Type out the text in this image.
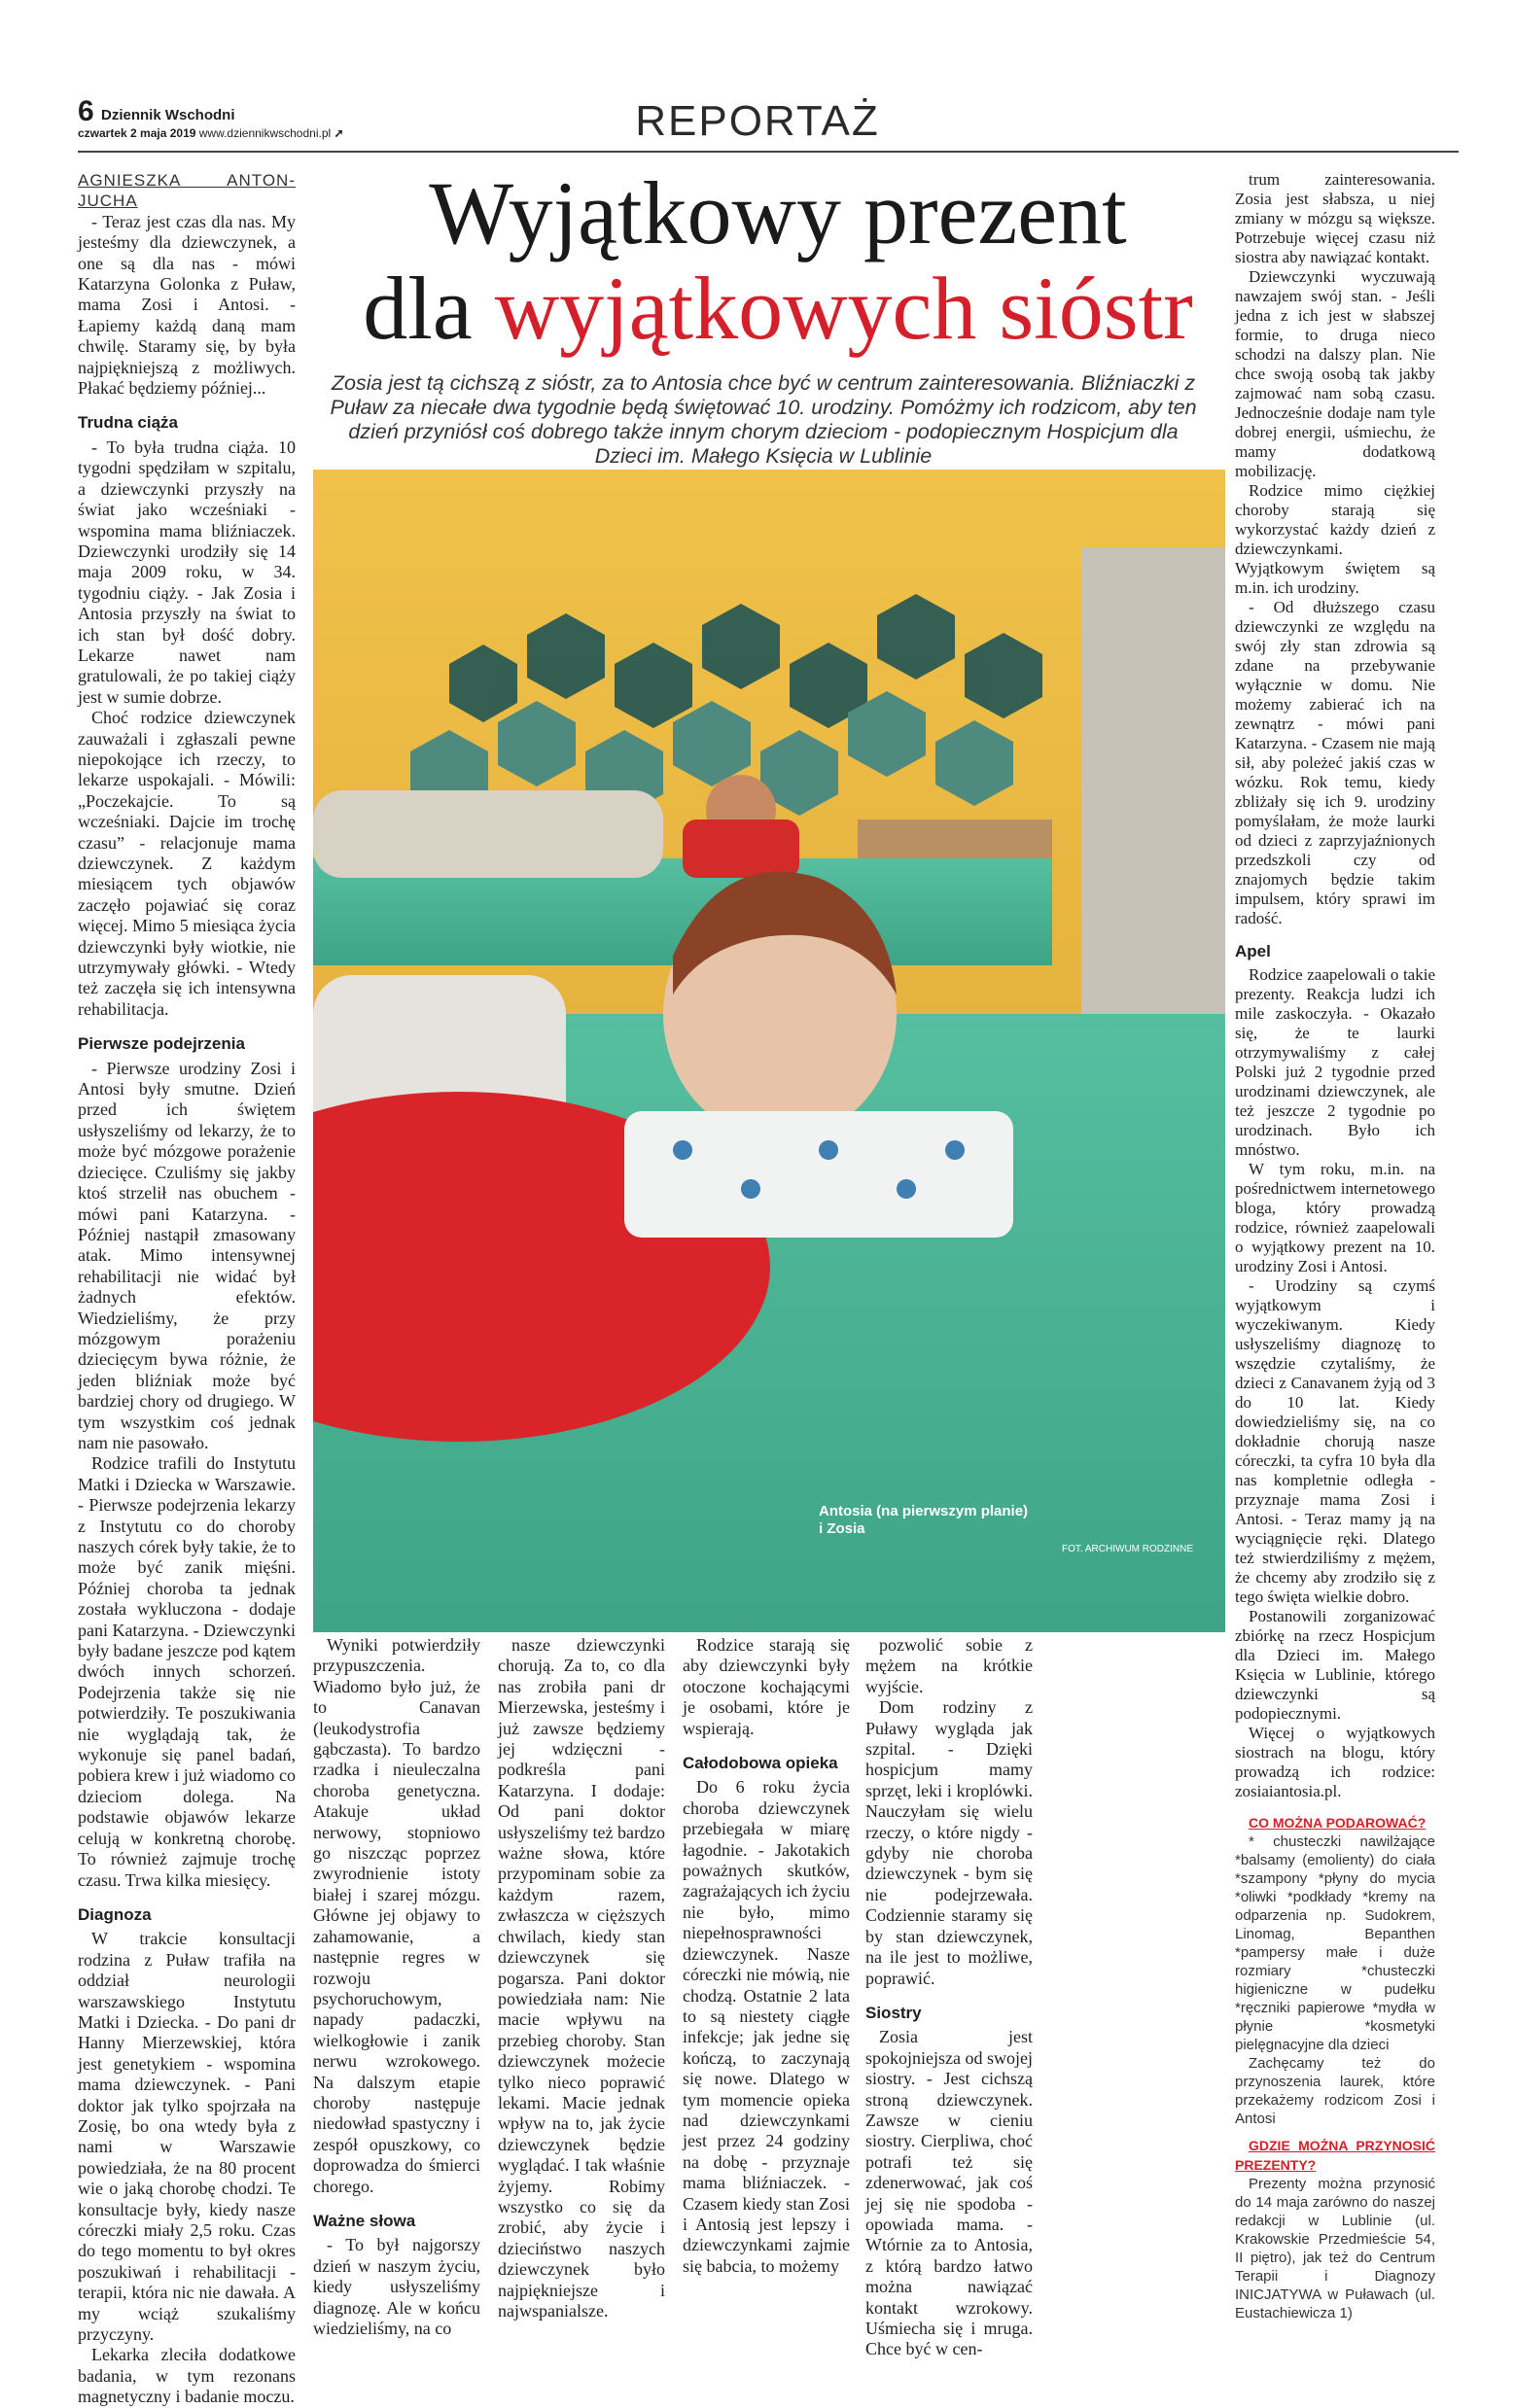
6 Dziennik Wschodni
czwartek 2 maja 2019 www.dziennikwschodni.pl ➚	REPORTAŻ
Wyjątkowy prezent
dla wyjątkowych sióstr
Zosia jest tą cichszą z sióstr, za to Antosia chce być w centrum zainteresowania. Bliźniaczki z Puław za niecałe dwa tygodnie będą świętować 10. urodziny. Pomóżmy ich rodzicom, aby ten dzień przyniósł coś dobrego także innym chorym dzieciom - podopiecznym Hospicjum dla Dzieci im. Małego Księcia w Lublinie

AGNIESZKA ANTON-JUCHA

- Teraz jest czas dla nas. My jesteśmy dla dziewczynek, a one są dla nas - mówi Katarzyna Golonka z Puław, mama Zosi i Antosi. - Łapiemy każdą daną mam chwilę. Staramy się, by była najpiękniejszą z możliwych. Płakać będziemy później...

Trudna ciąża

- To była trudna ciąża. 10 tygodni spędziłam w szpitalu, a dziewczynki przyszły na świat jako wcześniaki - wspomina mama bliźniaczek. Dziewczynki urodziły się 14 maja 2009 roku, w 34. tygodniu ciąży. - Jak Zosia i Antosia przyszły na świat to ich stan był dość dobry. Lekarze nawet nam gratulowali, że po takiej ciąży jest w sumie dobrze.

Choć rodzice dziewczynek zauważali i zgłaszali pewne niepokojące ich rzeczy, to lekarze uspokajali. - Mówili: „Poczekajcie. To są wcześniaki. Dajcie im trochę czasu” - relacjonuje mama dziewczynek. Z każdym miesiącem tych objawów zaczęło pojawiać się coraz więcej. Mimo 5 miesiąca życia dziewczynki były wiotkie, nie utrzymywały główki. - Wtedy też zaczęła się ich intensywna rehabilitacja.

Pierwsze podejrzenia

- Pierwsze urodziny Zosi i Antosi były smutne. Dzień przed ich świętem usłyszeliśmy od lekarzy, że to może być mózgowe porażenie dziecięce. Czuliśmy się jakby ktoś strzelił nas obuchem - mówi pani Katarzyna. - Później nastąpił zmasowany atak. Mimo intensywnej rehabilitacji nie widać był żadnych efektów. Wiedzieliśmy, że przy mózgowym porażeniu dziecięcym bywa różnie, że jeden bliźniak może być bardziej chory od drugiego. W tym wszystkim coś jednak nam nie pasowało.

Rodzice trafili do Instytutu Matki i Dziecka w Warszawie. - Pierwsze podejrzenia lekarzy z Instytutu co do choroby naszych córek były takie, że to może być zanik mięśni. Później choroba ta jednak została wykluczona - dodaje pani Katarzyna. - Dziewczynki były badane jeszcze pod kątem dwóch innych schorzeń. Podejrzenia także się nie potwierdziły. Te poszukiwania nie wyglądają tak, że wykonuje się panel badań, pobiera krew i już wiadomo co dzieciom dolega. Na podstawie objawów lekarze celują w konkretną chorobę. To również zajmuje trochę czasu. Trwa kilka miesięcy.

Diagnoza

W trakcie konsultacji rodzina z Puław trafiła na oddział neurologii warszawskiego Instytutu Matki i Dziecka. - Do pani dr Hanny Mierzewskiej, która jest genetykiem - wspomina mama dziewczynek. - Pani doktor jak tylko spojrzała na Zosię, bo ona wtedy była z nami w Warszawie powiedziała, że na 80 procent wie o jaką chorobę chodzi. Te konsultacje były, kiedy nasze córeczki miały 2,5 roku. Czas do tego momentu to był okres poszukiwań i rehabilitacji - terapii, która nic nie dawała. A my wciąż szukaliśmy przyczyny.

Lekarka zleciła dodatkowe badania, w tym rezonans magnetyczny i badanie moczu.

Antosia (na pierwszym planie)
i Zosia
FOT. ARCHIWUM RODZINNE

Wyniki potwierdziły przypuszczenia. Wiadomo było już, że to Canavan (leukodystrofia gąbczasta). To bardzo rzadka i nieuleczalna choroba genetyczna. Atakuje układ nerwowy, stopniowo go niszcząc poprzez zwyrodnienie istoty białej i szarej mózgu. Główne jej objawy to zahamowanie, a następnie regres w rozwoju psychoruchowym, napady padaczki, wielkogłowie i zanik nerwu wzrokowego. Na dalszym etapie choroby następuje niedowład spastyczny i zespół opuszkowy, co doprowadza do śmierci chorego.

Ważne słowa

- To był najgorszy dzień w naszym życiu, kiedy usłyszeliśmy diagnozę. Ale w końcu wiedzieliśmy, na co

nasze dziewczynki chorują. Za to, co dla nas zrobiła pani dr Mierzewska, jesteśmy i już zawsze będziemy jej wdzięczni - podkreśla pani Katarzyna. I dodaje: Od pani doktor usłyszeliśmy też bardzo ważne słowa, które przypominam sobie za każdym razem, zwłaszcza w cięższych chwilach, kiedy stan dziewczynek się pogarsza. Pani doktor powiedziała nam: Nie macie wpływu na przebieg choroby. Stan dziewczynek możecie tylko nieco poprawić lekami. Macie jednak wpływ na to, jak życie dziewczynek będzie wyglądać. I tak właśnie żyjemy. Robimy wszystko co się da zrobić, aby życie i dzieciństwo naszych dziewczynek było najpiękniejsze i najwspanialsze.

Rodzice starają się aby dziewczynki były otoczone kochającymi je osobami, które je wspierają.

Całodobowa opieka

Do 6 roku życia choroba dziewczynek przebiegała w miarę łagodnie. - Jakotakich poważnych skutków, zagrażających ich życiu nie było, mimo niepełnosprawności dziewczynek. Nasze córeczki nie mówią, nie chodzą. Ostatnie 2 lata to są niestety ciągłe infekcje; jak jedne się kończą, to zaczynają się nowe. Dlatego w tym momencie opieka nad dziewczynkami jest przez 24 godziny na dobę - przyznaje mama bliźniaczek. - Czasem kiedy stan Zosi i Antosią jest lepszy i dziewczynkami zajmie się babcia, to możemy

pozwolić sobie z mężem na krótkie wyjście.

Dom rodziny z Puławy wygląda jak szpital. - Dzięki hospicjum mamy sprzęt, leki i kroplówki. Nauczyłam się wielu rzeczy, o które nigdy - gdyby nie choroba dziewczynek - bym się nie podejrzewała. Codziennie staramy się by stan dziewczynek, na ile jest to możliwe, poprawić.

Siostry

Zosia jest spokojniejsza od swojej siostry. - Jest cichszą stroną dziewczynek. Zawsze w cieniu siostry. Cierpliwa, choć potrafi też się zdenerwować, jak coś jej się nie spodoba - opowiada mama. - Wtórnie za to Antosia, z którą bardzo łatwo można nawiązać kontakt wzrokowy. Uśmiecha się i mruga. Chce być w cen-

trum zainteresowania. Zosia jest słabsza, u niej zmiany w mózgu są większe. Potrzebuje więcej czasu niż siostra aby nawiązać kontakt.

Dziewczynki wyczuwają nawzajem swój stan. - Jeśli jedna z ich jest w słabszej formie, to druga nieco schodzi na dalszy plan. Nie chce swoją osobą tak jakby zajmować nam sobą czasu. Jednocześnie dodaje nam tyle dobrej energii, uśmiechu, że mamy dodatkową mobilizację.

Rodzice mimo ciężkiej choroby starają się wykorzystać każdy dzień z dziewczynkami. Wyjątkowym świętem są m.in. ich urodziny.

- Od dłuższego czasu dziewczynki ze względu na swój zły stan zdrowia są zdane na przebywanie wyłącznie w domu. Nie możemy zabierać ich na zewnątrz - mówi pani Katarzyna. - Czasem nie mają sił, aby poleżeć jakiś czas w wózku. Rok temu, kiedy zbliżały się ich 9. urodziny pomyślałam, że może laurki od dzieci z zaprzyjaźnionych przedszkoli czy od znajomych będzie takim impulsem, który sprawi im radość.

Apel

Rodzice zaapelowali o takie prezenty. Reakcja ludzi ich mile zaskoczyła. - Okazało się, że te laurki otrzymywaliśmy z całej Polski już 2 tygodnie przed urodzinami dziewczynek, ale też jeszcze 2 tygodnie po urodzinach. Było ich mnóstwo.

W tym roku, m.in. na pośrednictwem internetowego bloga, który prowadzą rodzice, również zaapelowali o wyjątkowy prezent na 10. urodziny Zosi i Antosi.

- Urodziny są czymś wyjątkowym i wyczekiwanym. Kiedy usłyszeliśmy diagnozę to wszędzie czytaliśmy, że dzieci z Canavanem żyją od 3 do 10 lat. Kiedy dowiedzieliśmy się, na co dokładnie chorują nasze córeczki, ta cyfra 10 była dla nas kompletnie odległa - przyznaje mama Zosi i Antosi. - Teraz mamy ją na wyciągnięcie ręki. Dlatego też stwierdziliśmy z mężem, że chcemy aby zrodziło się z tego święta wielkie dobro.

Postanowili zorganizować zbiórkę na rzecz Hospicjum dla Dzieci im. Małego Księcia w Lublinie, którego dziewczynki są podopiecznymi.

Więcej o wyjątkowych siostrach na blogu, który prowadzą ich rodzice: zosiaiantosia.pl.

CO MOŻNA PODAROWAĆ?

* chusteczki nawilżające *balsamy (emolienty) do ciała *szampony *płyny do mycia *oliwki *podkłady *kremy na odparzenia np. Sudokrem, Linomag, Bepanthen *pampersy małe i duże rozmiary *chusteczki higieniczne w pudełku *ręczniki papierowe *mydła w płynie *kosmetyki pielęgnacyjne dla dzieci

Zachęcamy też do przynoszenia laurek, które przekażemy rodzicom Zosi i Antosi

GDZIE MOŻNA PRZYNOSIĆ PREZENTY?

Prezenty można przynosić do 14 maja zarówno do naszej redakcji w Lublinie (ul. Krakowskie Przedmieście 54, II piętro), jak też do Centrum Terapii i Diagnozy INICJATYWA w Puławach (ul. Eustachiewicza 1)
